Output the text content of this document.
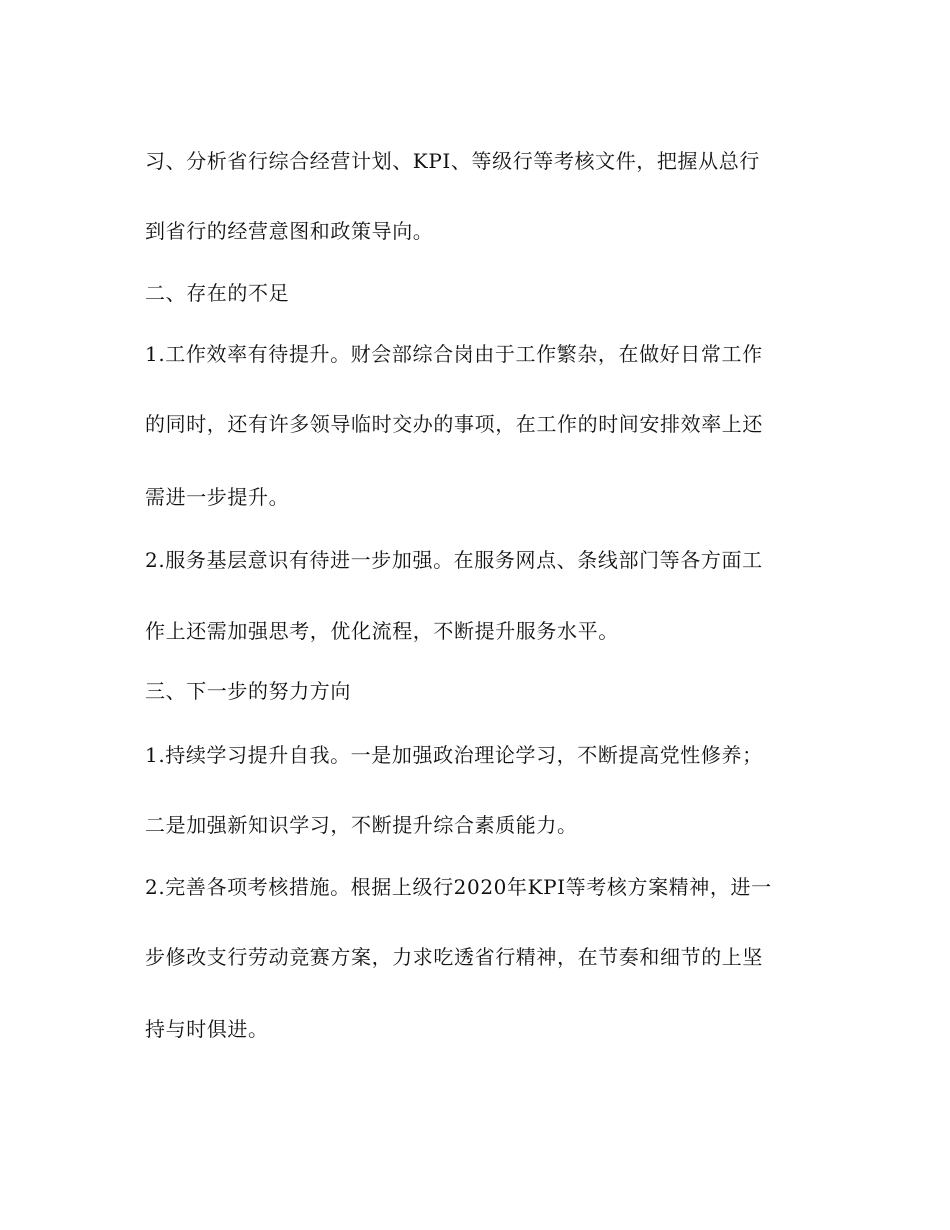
习、分析省行综合经营计划、KPI、等级行等考核文件，把握从总行
到省行的经营意图和政策导向。
二、存在的不足
1.工作效率有待提升。财会部综合岗由于工作繁杂，在做好日常工作
的同时，还有许多领导临时交办的事项，在工作的时间安排效率上还
需进一步提升。
2.服务基层意识有待进一步加强。在服务网点、条线部门等各方面工
作上还需加强思考，优化流程，不断提升服务水平。
三、下一步的努力方向
1.持续学习提升自我。一是加强政治理论学习，不断提高党性修养；
二是加强新知识学习，不断提升综合素质能力。
2.完善各项考核措施。根据上级行2020年KPI等考核方案精神，进一
步修改支行劳动竞赛方案，力求吃透省行精神，在节奏和细节的上坚
持与时俱进。
